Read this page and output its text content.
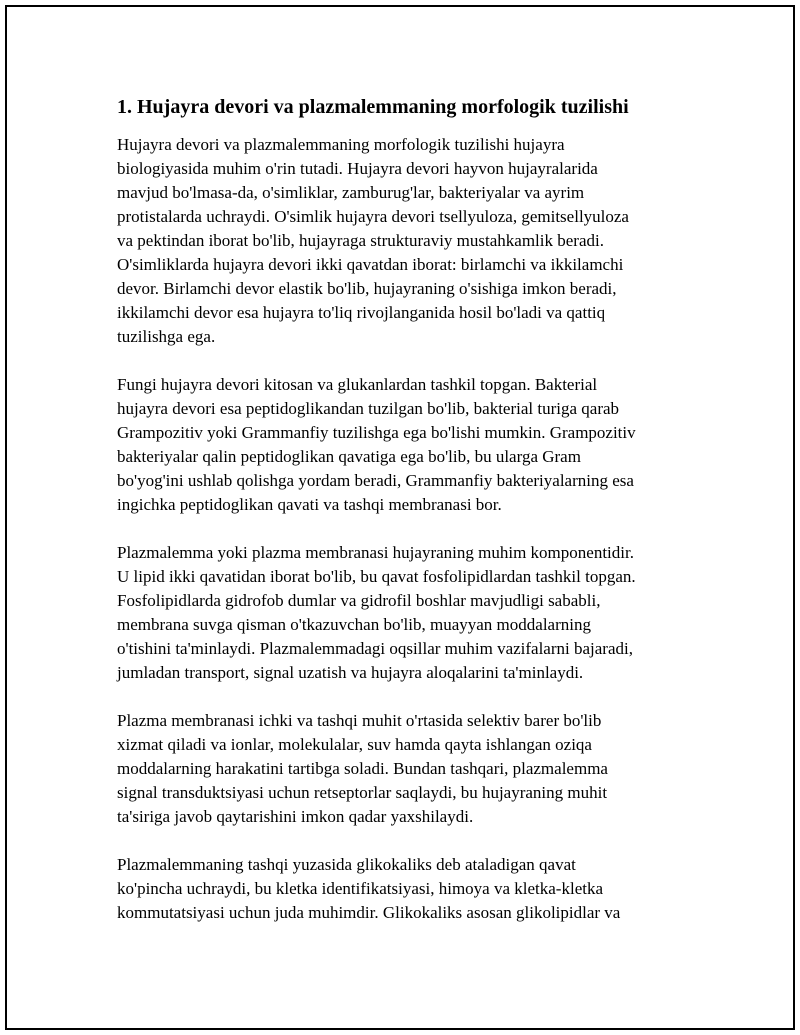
1. Hujayra devori va plazmalemmaning morfologik tuzilishi

Hujayra devori va plazmalemmaning morfologik tuzilishi hujayra
biologiyasida muhim o'rin tutadi. Hujayra devori hayvon hujayralarida
mavjud bo'lmasa-da, o'simliklar, zamburug'lar, bakteriyalar va ayrim
protistalarda uchraydi. O'simlik hujayra devori tsellyuloza, gemitsellyuloza
va pektindan iborat bo'lib, hujayraga strukturaviy mustahkamlik beradi.
O'simliklarda hujayra devori ikki qavatdan iborat: birlamchi va ikkilamchi
devor. Birlamchi devor elastik bo'lib, hujayraning o'sishiga imkon beradi,
ikkilamchi devor esa hujayra to'liq rivojlanganida hosil bo'ladi va qattiq
tuzilishga ega.

Fungi hujayra devori kitosan va glukanlardan tashkil topgan. Bakterial
hujayra devori esa peptidoglikandan tuzilgan bo'lib, bakterial turiga qarab
Grampozitiv yoki Grammanfiy tuzilishga ega bo'lishi mumkin. Grampozitiv
bakteriyalar qalin peptidoglikan qavatiga ega bo'lib, bu ularga Gram
bo'yog'ini ushlab qolishga yordam beradi, Grammanfiy bakteriyalarning esa
ingichka peptidoglikan qavati va tashqi membranasi bor.

Plazmalemma yoki plazma membranasi hujayraning muhim komponentidir.
U lipid ikki qavatidan iborat bo'lib, bu qavat fosfolipidlardan tashkil topgan.
Fosfolipidlarda gidrofob dumlar va gidrofil boshlar mavjudligi sababli,
membrana suvga qisman o'tkazuvchan bo'lib, muayyan moddalarning
o'tishini ta'minlaydi. Plazmalemmadagi oqsillar muhim vazifalarni bajaradi,
jumladan transport, signal uzatish va hujayra aloqalarini ta'minlaydi.

Plazma membranasi ichki va tashqi muhit o'rtasida selektiv barer bo'lib
xizmat qiladi va ionlar, molekulalar, suv hamda qayta ishlangan oziqa
moddalarning harakatini tartibga soladi. Bundan tashqari, plazmalemma
signal transduktsiyasi uchun retseptorlar saqlaydi, bu hujayraning muhit
ta'siriga javob qaytarishini imkon qadar yaxshilaydi.

Plazmalemmaning tashqi yuzasida glikokaliks deb ataladigan qavat
ko'pincha uchraydi, bu kletka identifikatsiyasi, himoya va kletka-kletka
kommutatsiyasi uchun juda muhimdir. Glikokaliks asosan glikolipidlar va
